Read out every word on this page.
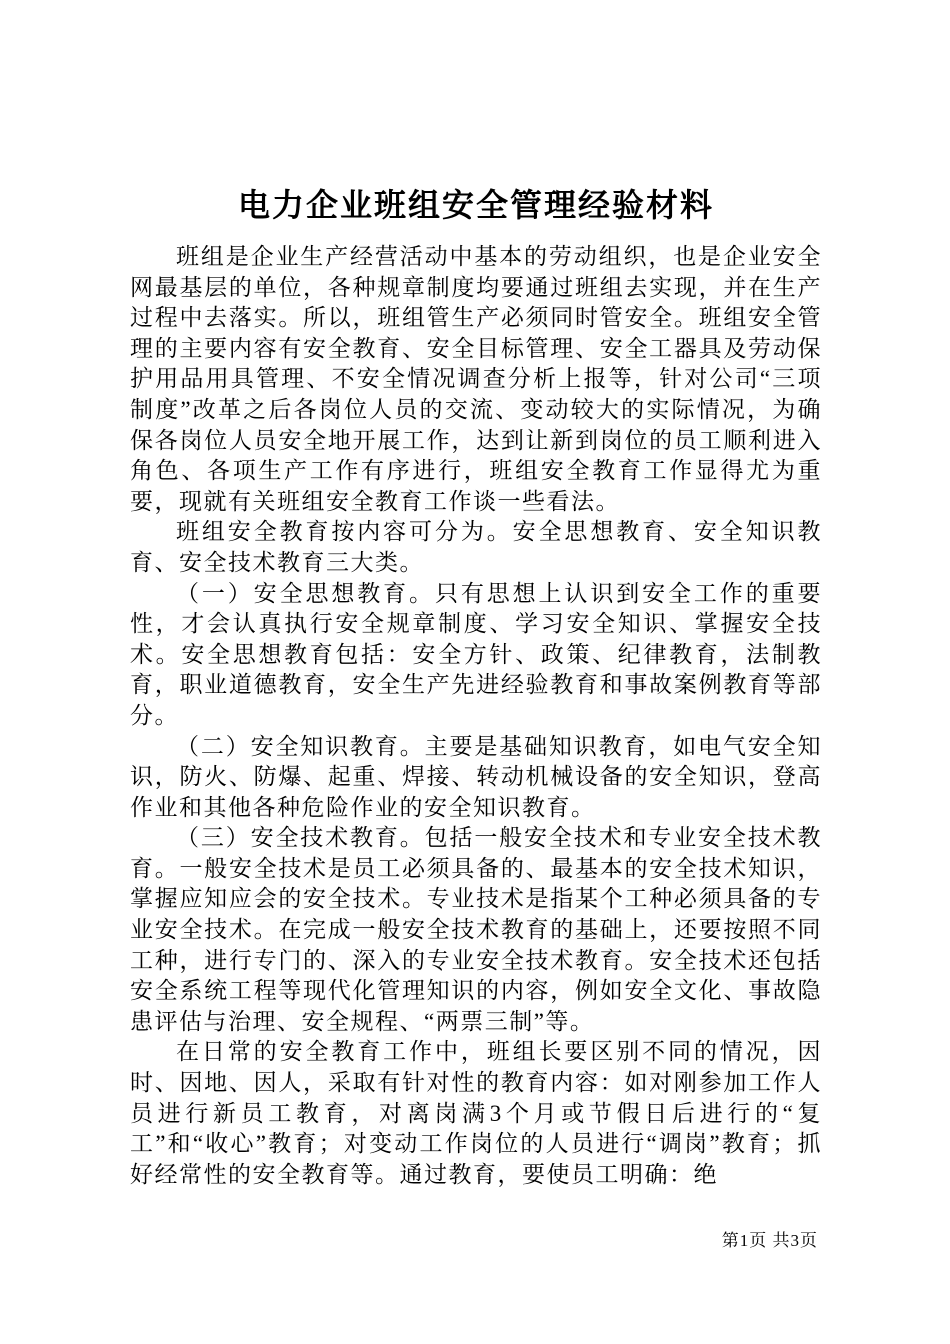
电力企业班组安全管理经验材料

班组是企业生产经营活动中基本的劳动组织，也是企业安全网最基层的单位，各种规章制度均要通过班组去实现，并在生产过程中去落实。所以，班组管生产必须同时管安全。班组安全管理的主要内容有安全教育、安全目标管理、安全工器具及劳动保护用品用具管理、不安全情况调查分析上报等，针对公司“三项制度”改革之后各岗位人员的交流、变动较大的实际情况，为确保各岗位人员安全地开展工作，达到让新到岗位的员工顺利进入角色、各项生产工作有序进行，班组安全教育工作显得尤为重要，现就有关班组安全教育工作谈一些看法。

班组安全教育按内容可分为。安全思想教育、安全知识教育、安全技术教育三大类。

（一）安全思想教育。只有思想上认识到安全工作的重要性，才会认真执行安全规章制度、学习安全知识、掌握安全技术。安全思想教育包括：安全方针、政策、纪律教育，法制教育，职业道德教育，安全生产先进经验教育和事故案例教育等部分。

（二）安全知识教育。主要是基础知识教育，如电气安全知识，防火、防爆、起重、焊接、转动机械设备的安全知识，登高作业和其他各种危险作业的安全知识教育。

（三）安全技术教育。包括一般安全技术和专业安全技术教育。一般安全技术是员工必须具备的、最基本的安全技术知识，掌握应知应会的安全技术。专业技术是指某个工种必须具备的专业安全技术。在完成一般安全技术教育的基础上，还要按照不同工种，进行专门的、深入的专业安全技术教育。安全技术还包括安全系统工程等现代化管理知识的内容，例如安全文化、事故隐患评估与治理、安全规程、“两票三制”等。

在日常的安全教育工作中，班组长要区别不同的情况，因时、因地、因人，采取有针对性的教育内容：如对刚参加工作人员进行新员工教育，对离岗满3个月或节假日后进行的“复工”和“收心”教育；对变动工作岗位的人员进行“调岗”教育；抓好经常性的安全教育等。通过教育，要使员工明确：绝

第1页 共3页
